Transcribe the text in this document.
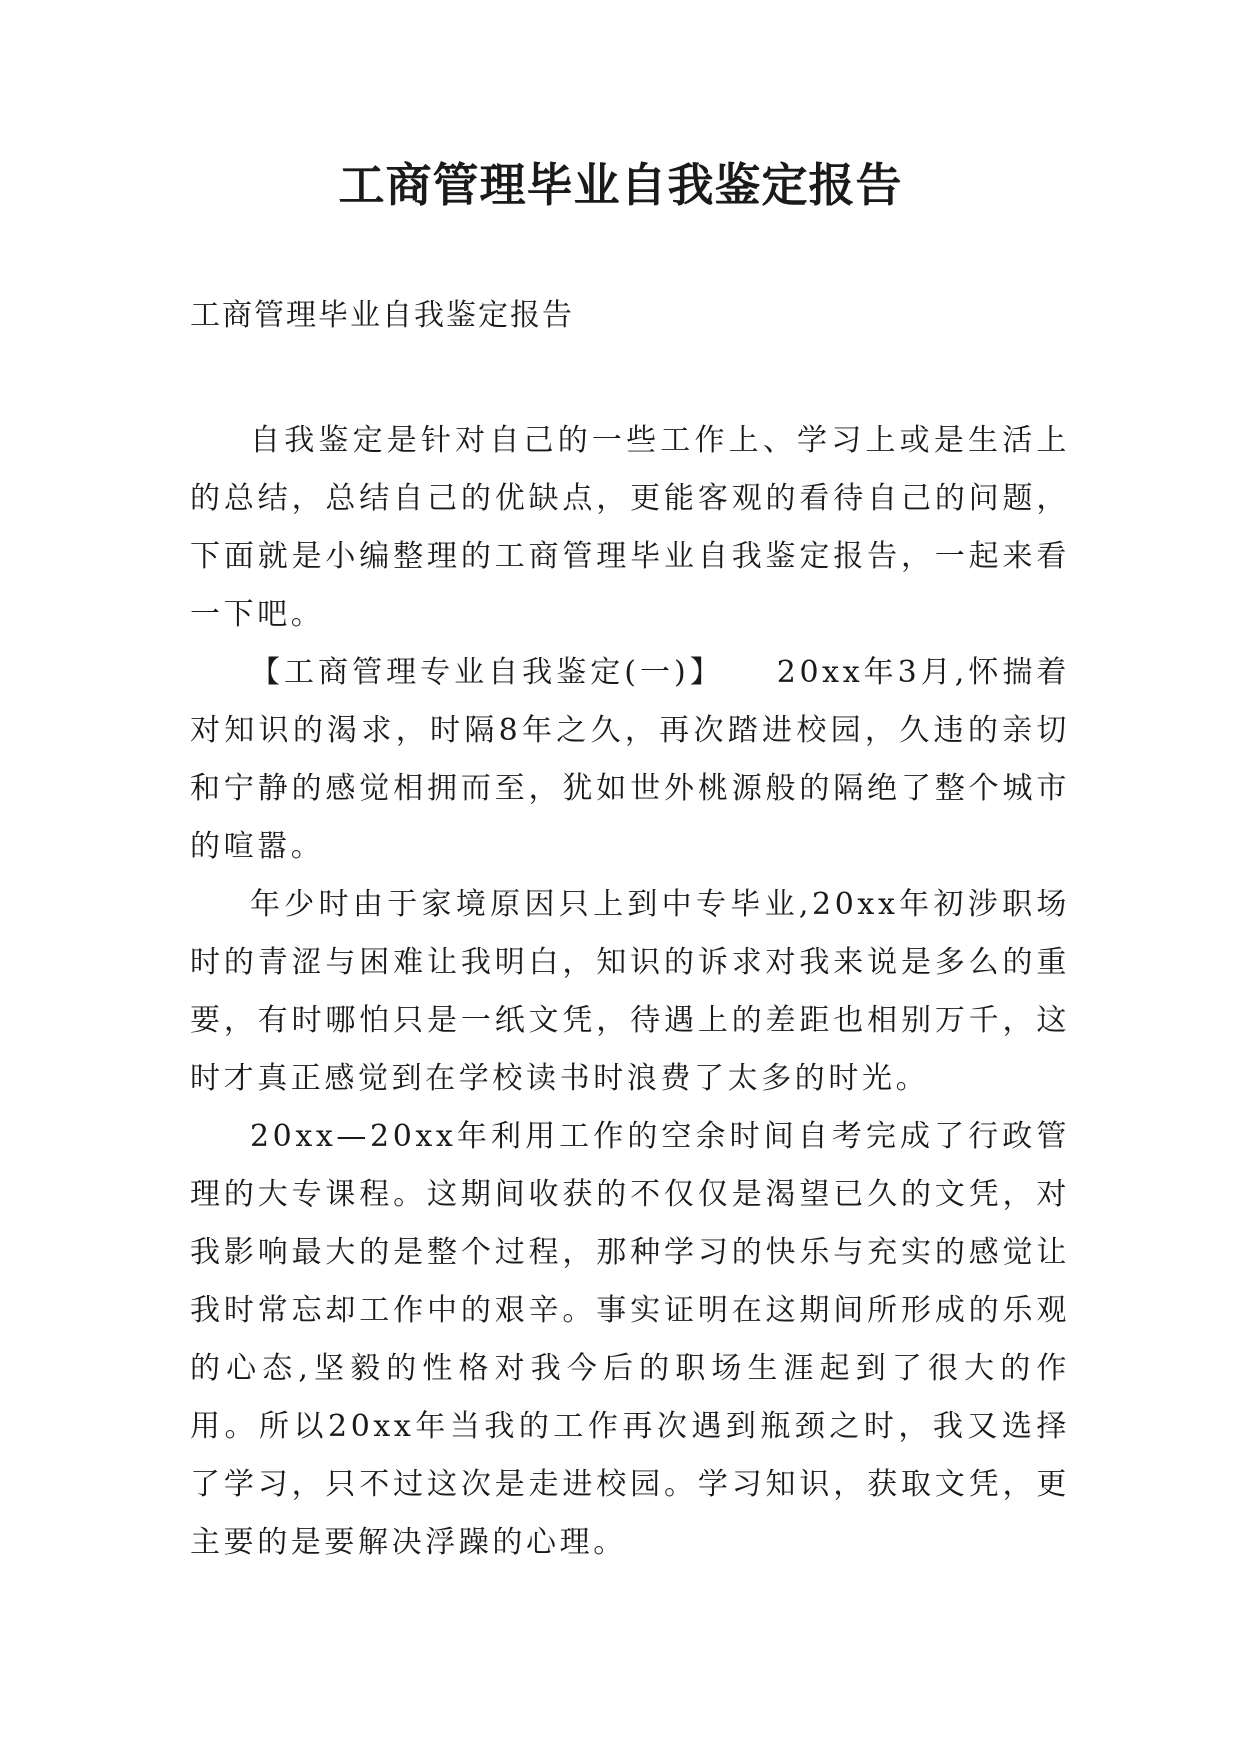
工商管理毕业自我鉴定报告

工商管理毕业自我鉴定报告

自我鉴定是针对自己的一些工作上、学习上或是生活上的总结，总结自己的优缺点，更能客观的看待自己的问题，下面就是小编整理的工商管理毕业自我鉴定报告，一起来看一下吧。

【工商管理专业自我鉴定(一)】　　20xx年3月,怀揣着对知识的渴求，时隔8年之久，再次踏进校园，久违的亲切和宁静的感觉相拥而至，犹如世外桃源般的隔绝了整个城市的喧嚣。

年少时由于家境原因只上到中专毕业,20xx年初涉职场时的青涩与困难让我明白，知识的诉求对我来说是多么的重要，有时哪怕只是一纸文凭，待遇上的差距也相别万千，这时才真正感觉到在学校读书时浪费了太多的时光。

20xx—20xx年利用工作的空余时间自考完成了行政管理的大专课程。这期间收获的不仅仅是渴望已久的文凭，对我影响最大的是整个过程，那种学习的快乐与充实的感觉让我时常忘却工作中的艰辛。事实证明在这期间所形成的乐观的心态,坚毅的性格对我今后的职场生涯起到了很大的作用。所以20xx年当我的工作再次遇到瓶颈之时，我又选择了学习，只不过这次是走进校园。学习知识，获取文凭，更主要的是要解决浮躁的心理。
